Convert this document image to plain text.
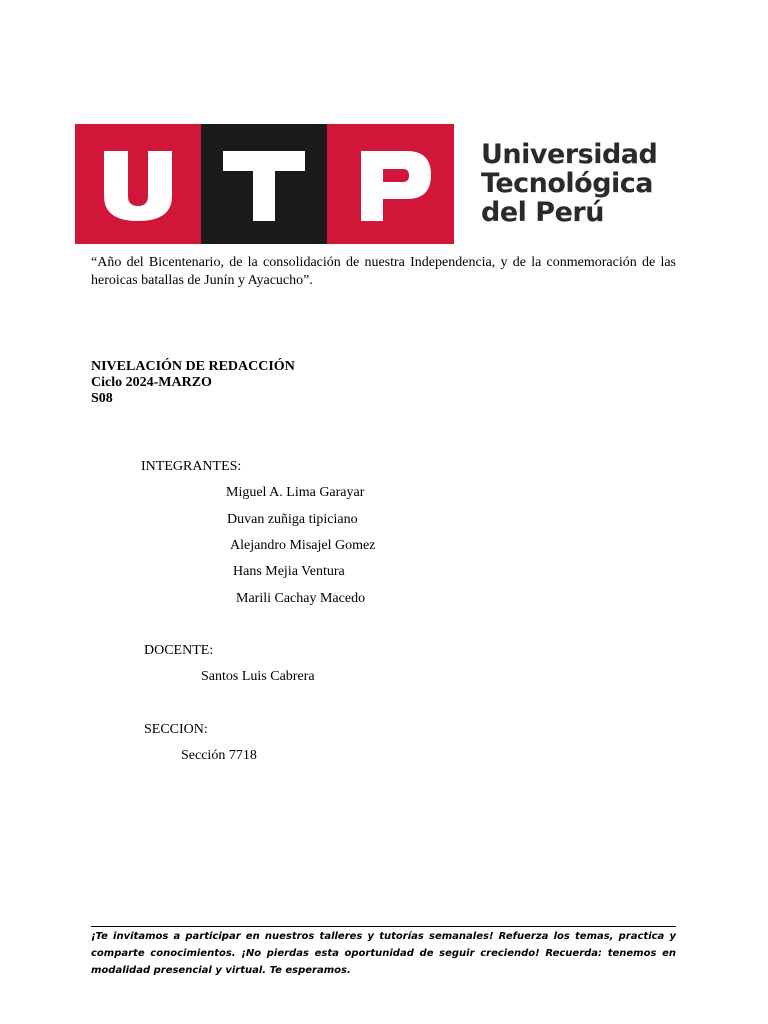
Universidad
Tecnológica
del Perú
“Año del Bicentenario, de la consolidación de nuestra Independencia, y de la conmemoración de las heroicas batallas de Junín y Ayacucho”.
NIVELACIÓN DE REDACCIÓN
Ciclo 2024-MARZO
S08
INTEGRANTES:
Miguel A. Lima Garayar
Duvan zuñiga tipiciano
Alejandro Misajel Gomez
Hans Mejia Ventura
Marili Cachay Macedo
DOCENTE:
Santos Luis Cabrera
SECCION:
Sección 7718
¡Te invitamos a participar en nuestros talleres y tutorías semanales! Refuerza los temas, practica y comparte conocimientos. ¡No pierdas esta oportunidad de seguir creciendo! Recuerda: tenemos en modalidad presencial y virtual. Te esperamos.
